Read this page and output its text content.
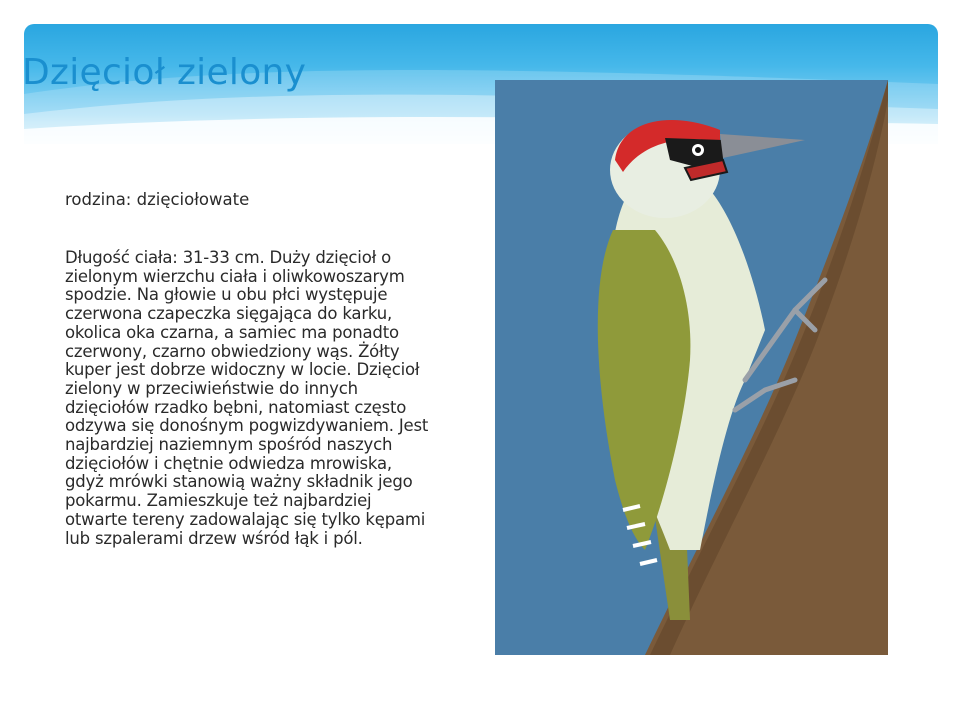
Dzięcioł zielony
rodzina: dzięciołowate
Długość ciała: 31-33 cm. Duży dzięcioł o zielonym wierzchu ciała i oliwkowoszarym spodzie. Na głowie u obu płci występuje czerwona czapeczka sięgająca do karku, okolica oka czarna, a samiec ma ponadto czerwony, czarno obwiedziony wąs. Żółty kuper jest dobrze widoczny w locie. Dzięcioł zielony w przeciwieństwie do innych dzięciołów rzadko bębni, natomiast często odzywa się donośnym pogwizdywaniem. Jest najbardziej naziemnym spośród naszych dzięciołów i chętnie odwiedza mrowiska, gdyż mrówki stanowią ważny składnik jego pokarmu. Zamieszkuje też najbardziej otwarte tereny zadowalając się tylko kępami lub szpalerami drzew wśród łąk i pól.
